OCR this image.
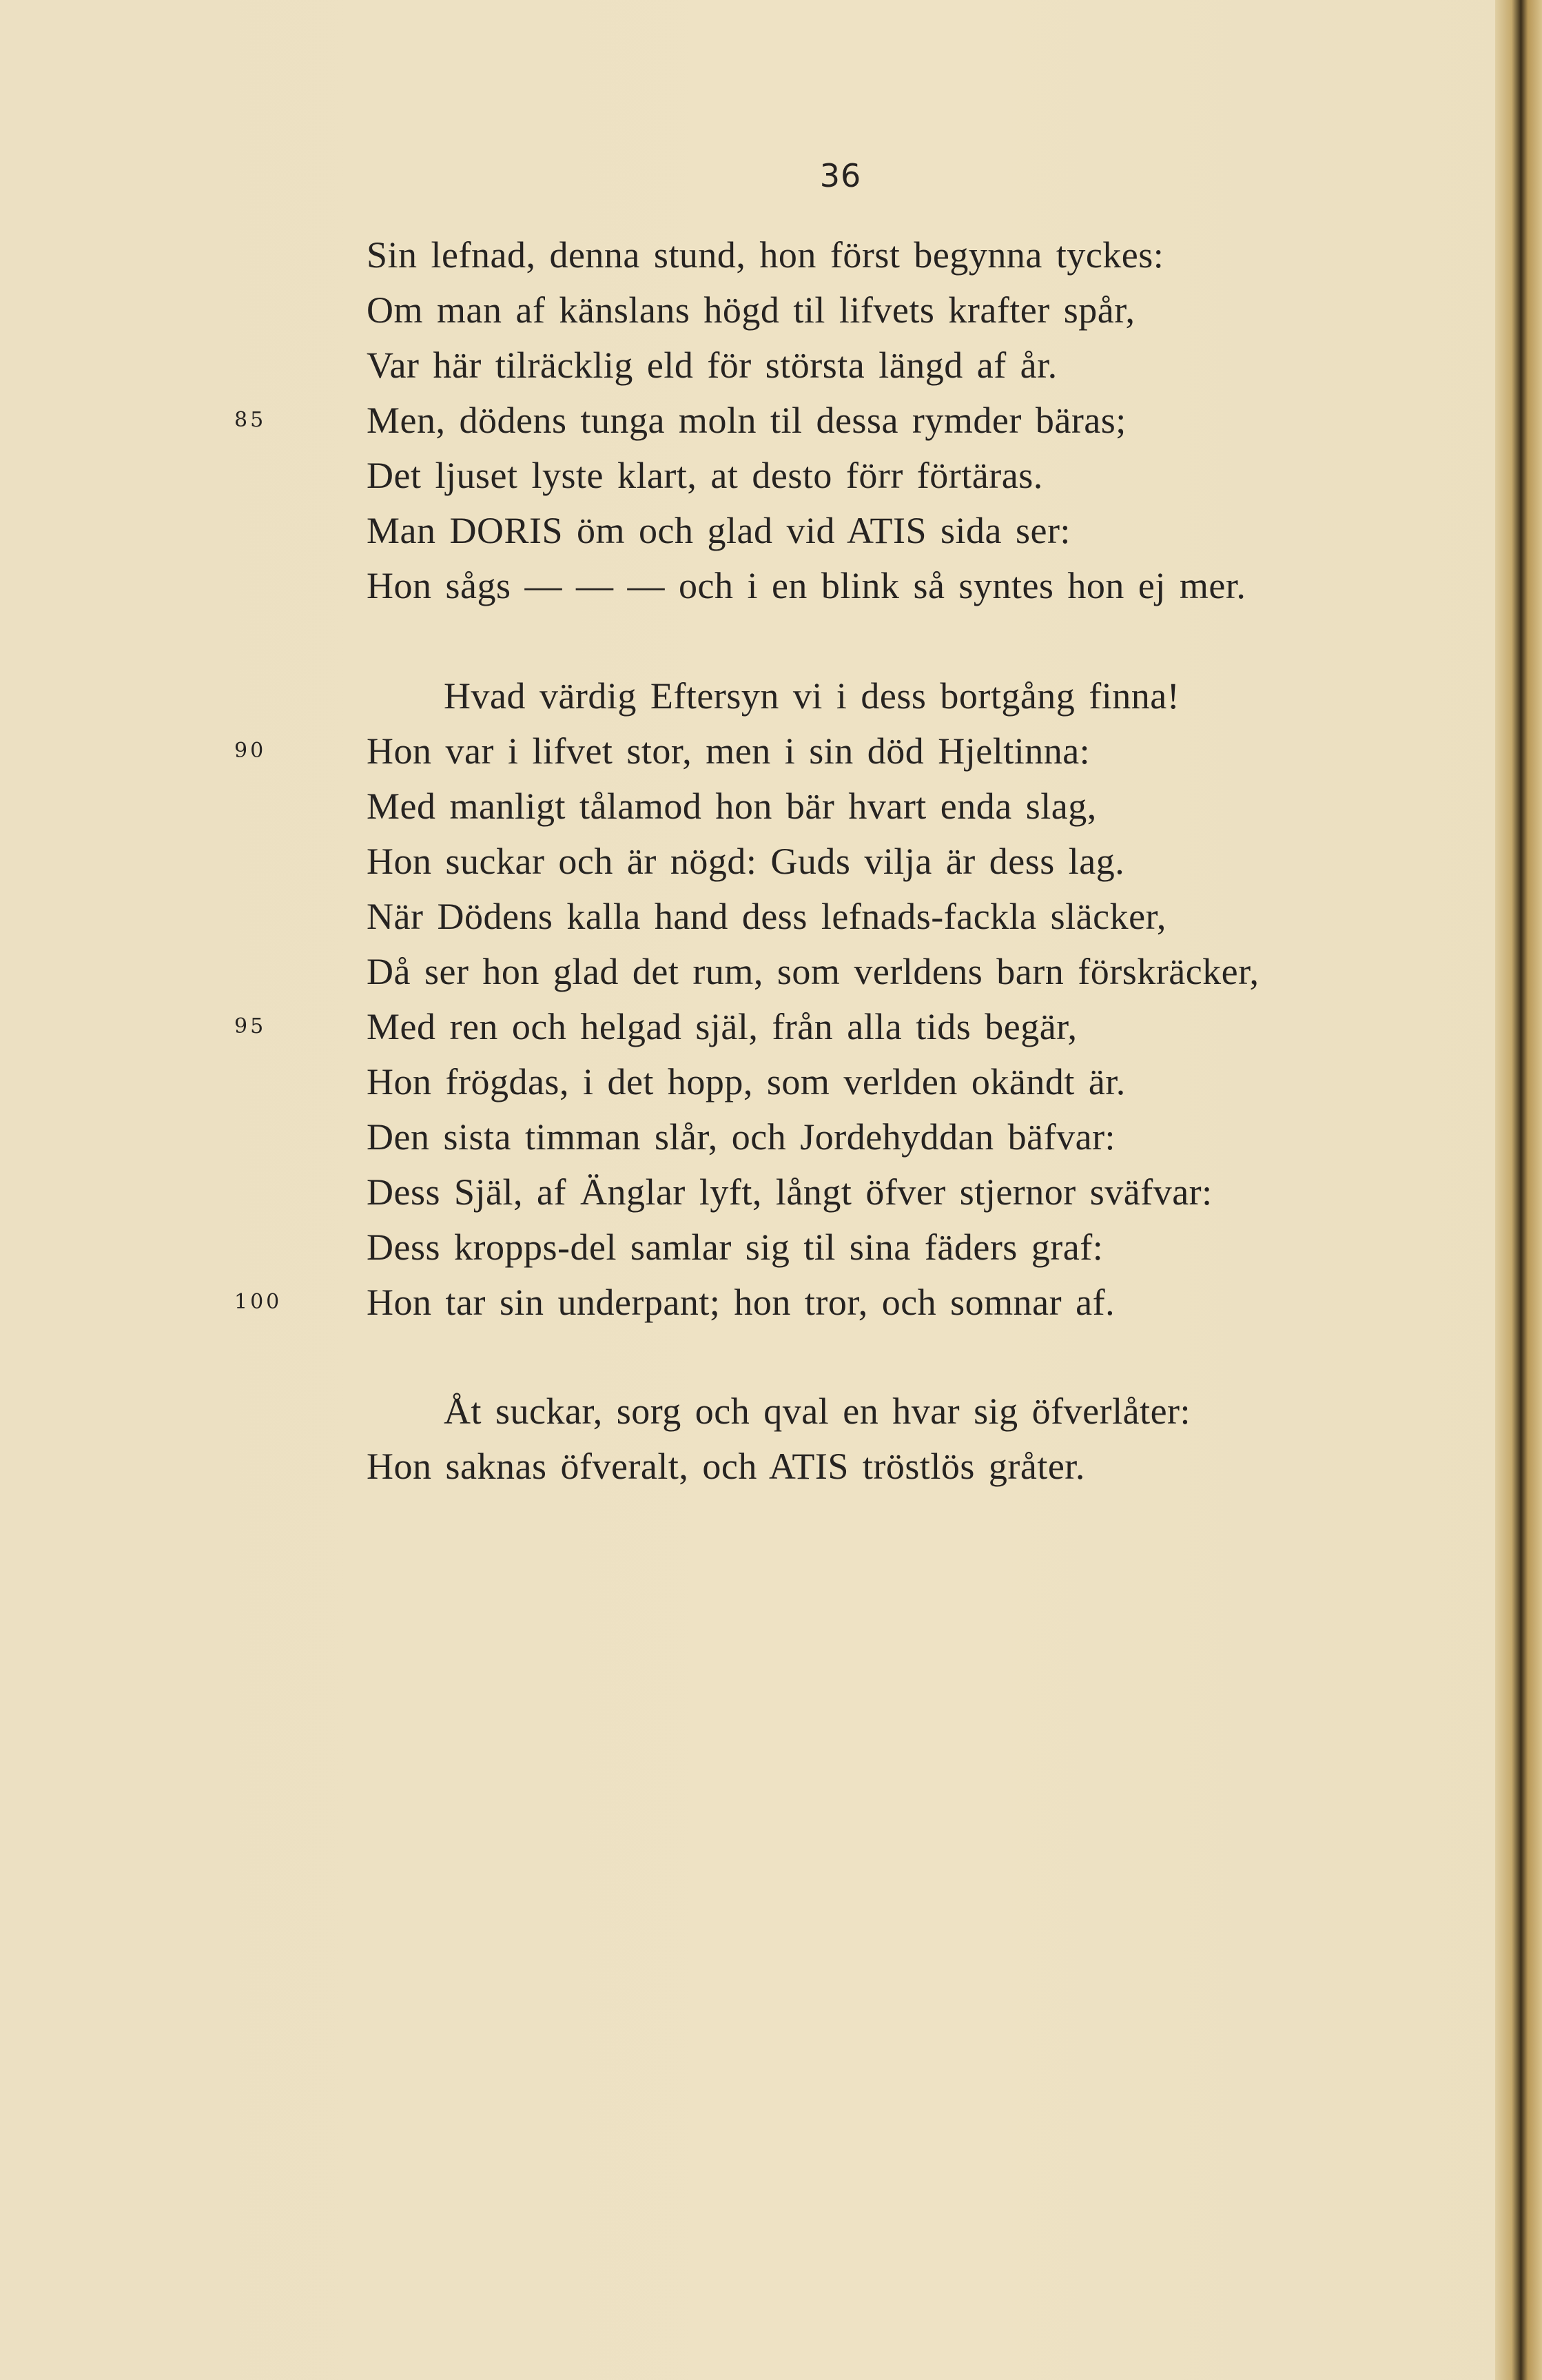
36
Sin lefnad, denna stund, hon först begynna tyckes:
Om man af känslans högd til lifvets krafter spår,
Var här tilräcklig eld för största längd af år.
85	Men, dödens tunga moln til dessa rymder bäras;
Det ljuset lyste klart, at desto förr förtäras.
Man DORIS öm och glad vid ATIS sida ser:
Hon sågs — — — och i en blink så syntes hon ej mer.
Hvad värdig Eftersyn vi i dess bortgång finna!
90	Hon var i lifvet stor, men i sin död Hjeltinna:
Med manligt tålamod hon bär hvart enda slag,
Hon suckar och är nögd: Guds vilja är dess lag.
När Dödens kalla hand dess lefnads-fackla släcker,
Då ser hon glad det rum, som verldens barn förskräcker,
95	Med ren och helgad själ, från alla tids begär,
Hon frögdas, i det hopp, som verlden okändt är.
Den sista timman slår, och Jordehyddan bäfvar:
Dess Själ, af Änglar lyft, långt öfver stjernor sväfvar:
Dess kropps-del samlar sig til sina fäders graf:
100	Hon tar sin underpant; hon tror, och somnar af.
Åt suckar, sorg och qval en hvar sig öfverlåter:
Hon saknas öfveralt, och ATIS tröstlös gråter.
